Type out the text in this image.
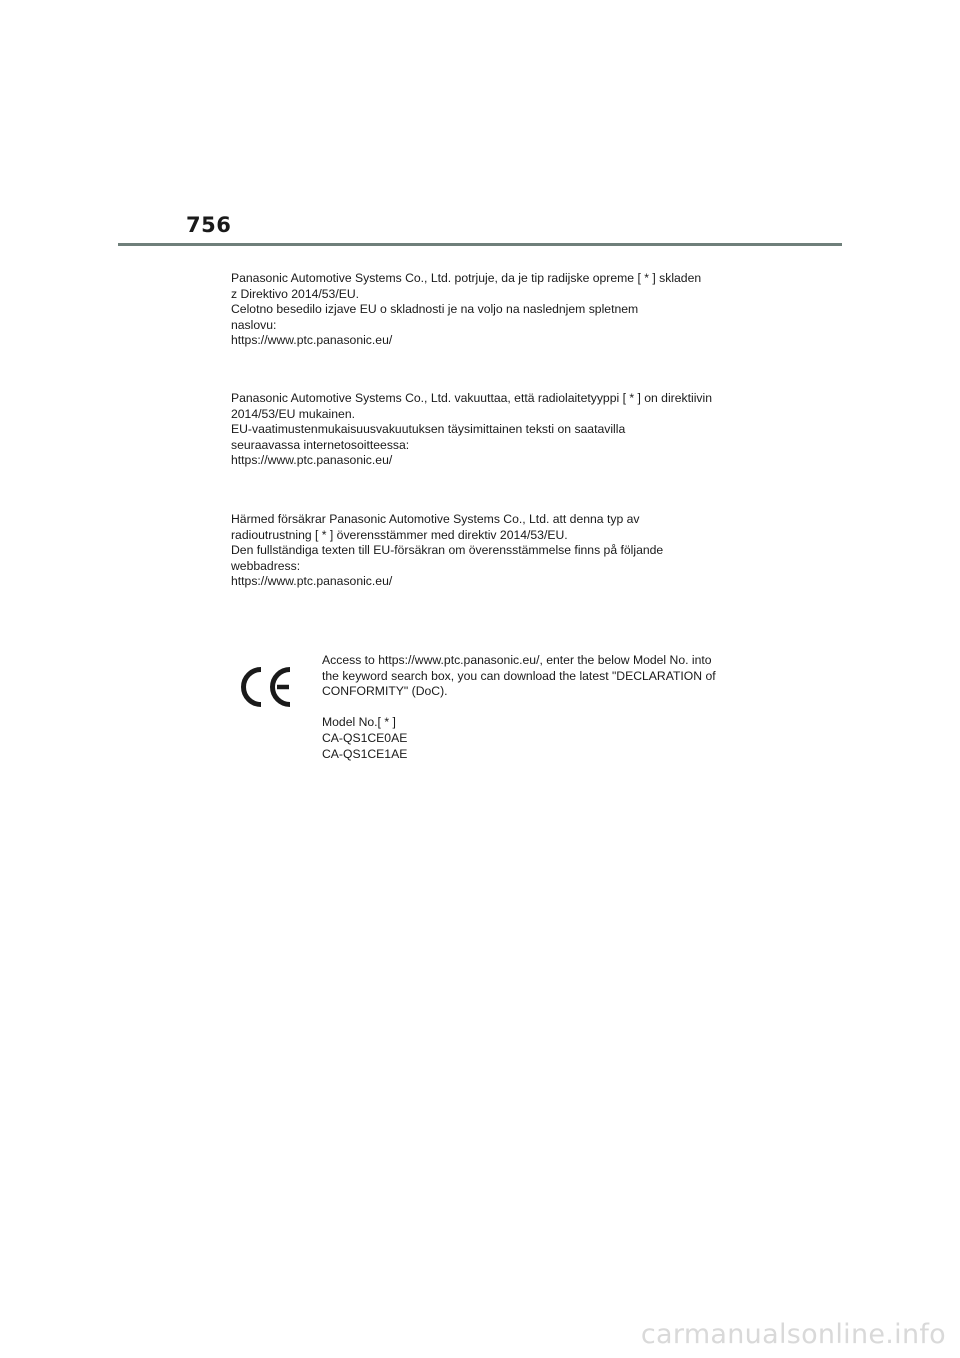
756
Panasonic Automotive Systems Co., Ltd. potrjuje, da je tip radijske opreme [ * ] skladen
z Direktivo 2014/53/EU.
Celotno besedilo izjave EU o skladnosti je na voljo na naslednjem spletnem
naslovu:
https://www.ptc.panasonic.eu/
Panasonic Automotive Systems Co., Ltd. vakuuttaa, että radiolaitetyyppi [ * ] on direktiivin
2014/53/EU mukainen.
EU-vaatimustenmukaisuusvakuutuksen täysimittainen teksti on saatavilla
seuraavassa internetosoitteessa:
https://www.ptc.panasonic.eu/
Härmed försäkrar Panasonic Automotive Systems Co., Ltd. att denna typ av
radioutrustning [ * ] överensstämmer med direktiv 2014/53/EU.
Den fullständiga texten till EU-försäkran om överensstämmelse finns på följande
webbadress:
https://www.ptc.panasonic.eu/
Access to https://www.ptc.panasonic.eu/, enter the below Model No. into
the keyword search box, you can download the latest "DECLARATION of
CONFORMITY" (DoC).
Model No.[ * ]
CA-QS1CE0AE
CA-QS1CE1AE
carmanualsonline.info
